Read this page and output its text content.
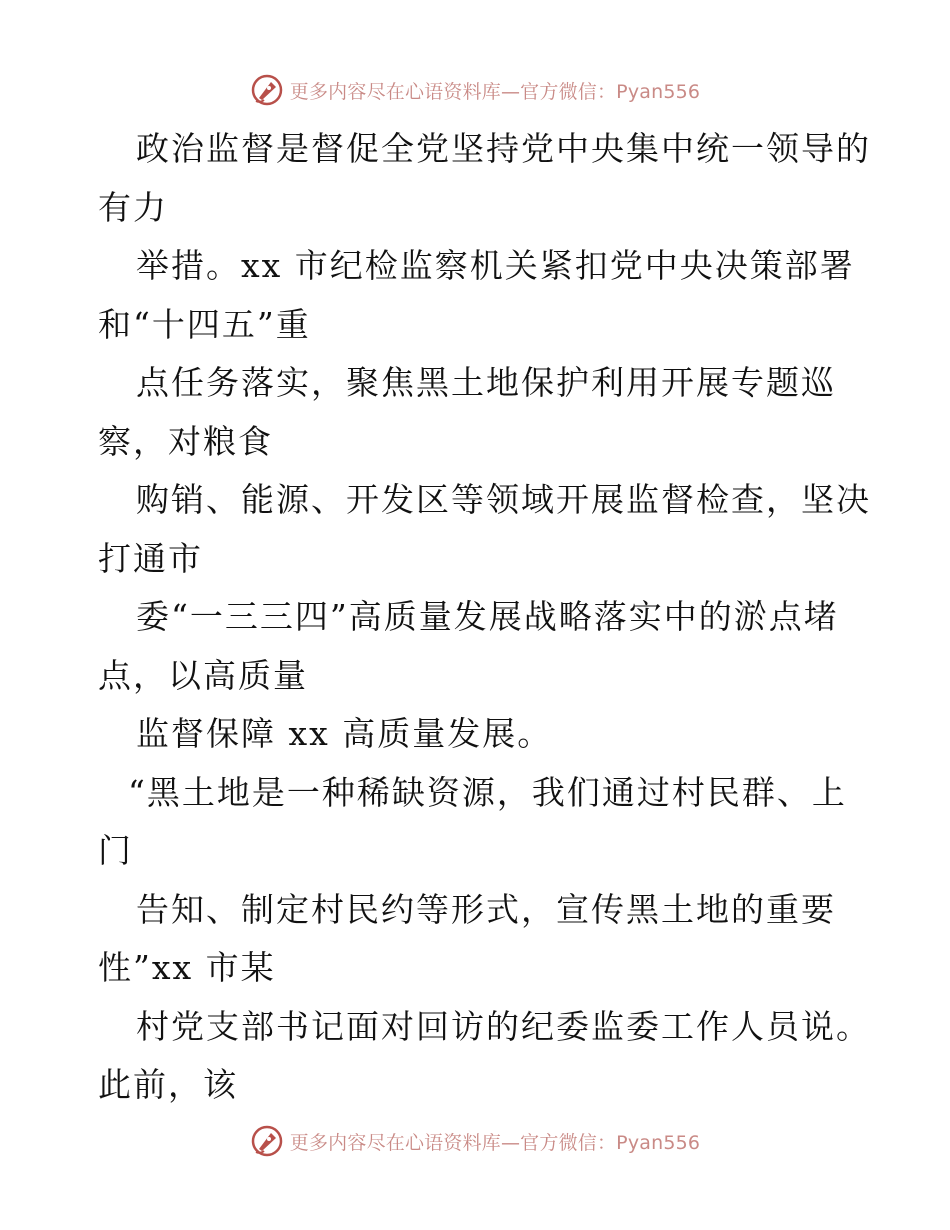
更多内容尽在心语资料库—官方微信：Pyan556
政治监督是督促全党坚持党中央集中统一领导的
有力
举措。xx 市纪检监察机关紧扣党中央决策部署
和“十四五”重
点任务落实，聚焦黑土地保护利用开展专题巡
察，对粮食
购销、能源、开发区等领域开展监督检查，坚决
打通市
委“一三三四”高质量发展战略落实中的淤点堵
点，以高质量
监督保障 xx 高质量发展。
“黑土地是一种稀缺资源，我们通过村民群、上
门
告知、制定村民约等形式，宣传黑土地的重要
性”xx 市某
村党支部书记面对回访的纪委监委工作人员说。
此前，该
更多内容尽在心语资料库—官方微信：Pyan556
